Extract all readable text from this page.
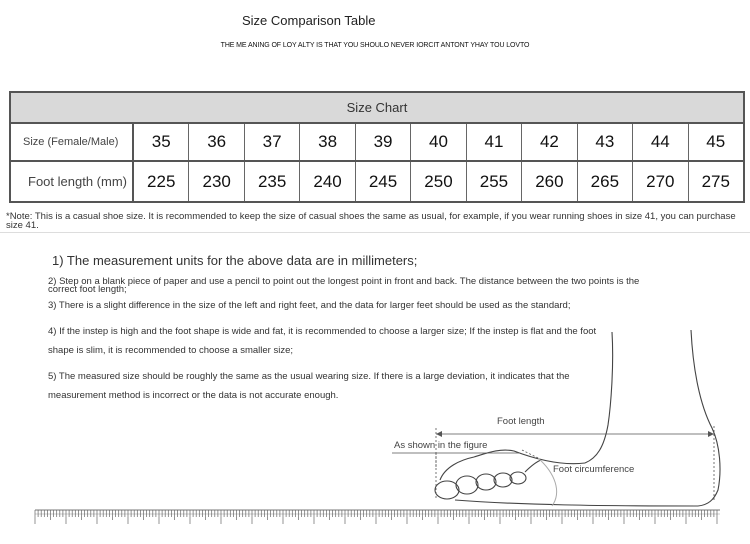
Size Comparison Table
THE ME ANING OF LOY ALTY IS THAT YOU SHOULO NEVER IORCIT ANTONT YHAY TOU LOVTO
Size Chart
Size (Female/Male)	35	36	37	38	39	40	41	42	43	44	45
Foot length (mm)	225	230	235	240	245	250	255	260	265	270	275
*Note: This is a casual shoe size. It is recommended to keep the size of casual shoes the same as usual, for example, if you wear running shoes in size 41, you can purchase size 41.
1) The measurement units for the above data are in millimeters;
2) Step on a blank piece of paper and use a pencil to point out the longest point in front and back. The distance between the two points is the
correct foot length;
3) There is a slight difference in the size of the left and right feet, and the data for larger feet should be used as the standard;
4) If the instep is high and the foot shape is wide and fat, it is recommended to choose a larger size; If the instep is flat and the foot shape is slim, it is recommended to choose a smaller size;
5) The measured size should be roughly the same as the usual wearing size. If there is a large deviation, it indicates that the measurement method is incorrect or the data is not accurate enough.
Foot length
As shown in the figure
Foot circumference
